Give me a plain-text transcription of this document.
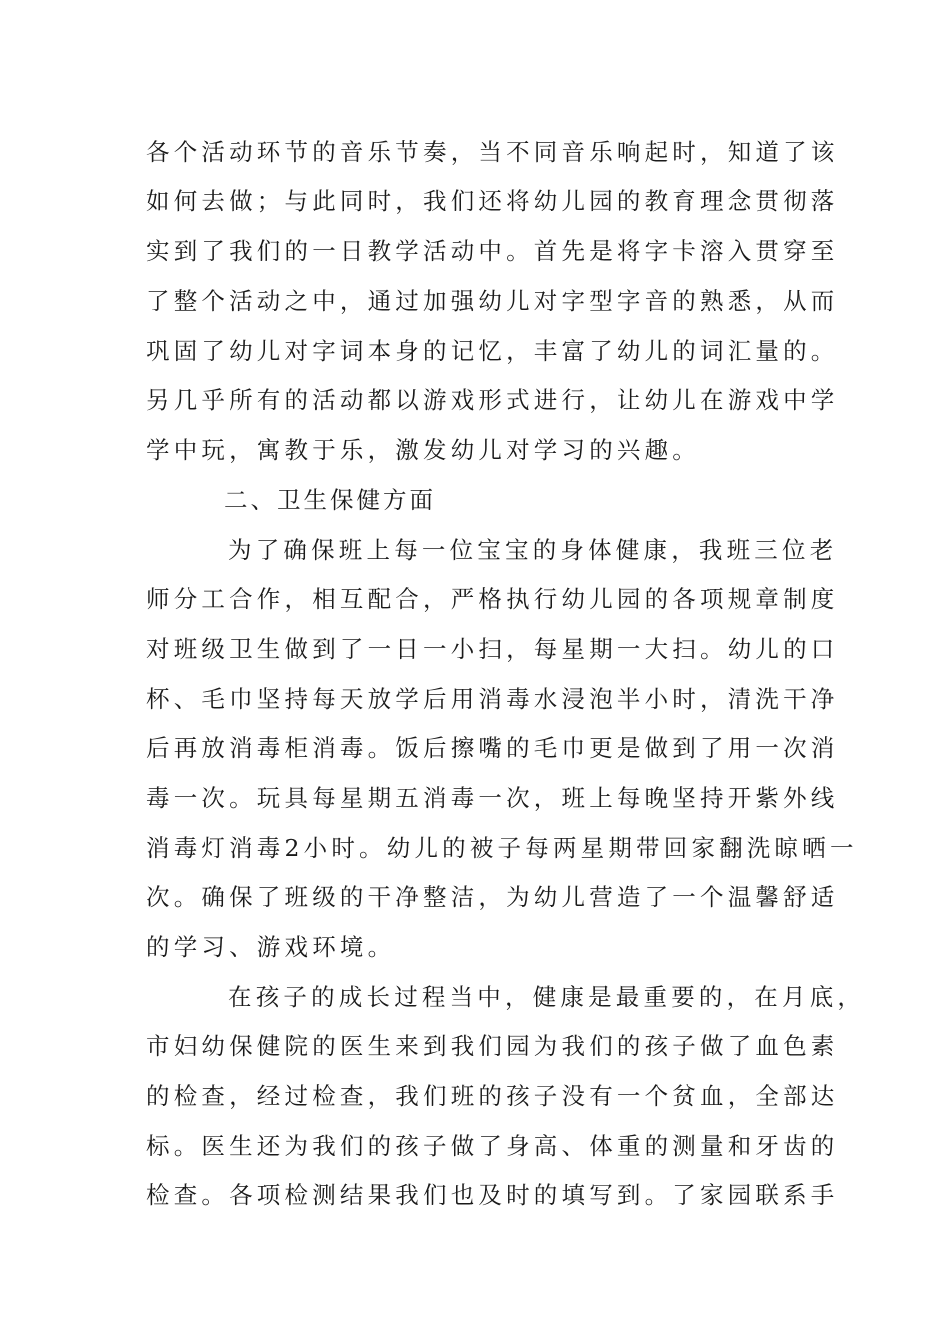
各个活动环节的音乐节奏，当不同音乐响起时，知道了该
如何去做；与此同时，我们还将幼儿园的教育理念贯彻落
实到了我们的一日教学活动中。首先是将字卡溶入贯穿至
了整个活动之中，通过加强幼儿对字型字音的熟悉，从而
巩固了幼儿对字词本身的记忆，丰富了幼儿的词汇量的。
另几乎所有的活动都以游戏形式进行，让幼儿在游戏中学
学中玩，寓教于乐，激发幼儿对学习的兴趣。
二、卫生保健方面
为了确保班上每一位宝宝的身体健康，我班三位老
师分工合作，相互配合，严格执行幼儿园的各项规章制度
对班级卫生做到了一日一小扫，每星期一大扫。幼儿的口
杯、毛巾坚持每天放学后用消毒水浸泡半小时，清洗干净
后再放消毒柜消毒。饭后擦嘴的毛巾更是做到了用一次消
毒一次。玩具每星期五消毒一次，班上每晚坚持开紫外线
消毒灯消毒2小时。幼儿的被子每两星期带回家翻洗晾晒一
次。确保了班级的干净整洁，为幼儿营造了一个温馨舒适
的学习、游戏环境。
在孩子的成长过程当中，健康是最重要的，在月底，
市妇幼保健院的医生来到我们园为我们的孩子做了血色素
的检查，经过检查，我们班的孩子没有一个贫血，全部达
标。医生还为我们的孩子做了身高、体重的测量和牙齿的
检查。各项检测结果我们也及时的填写到。了家园联系手
